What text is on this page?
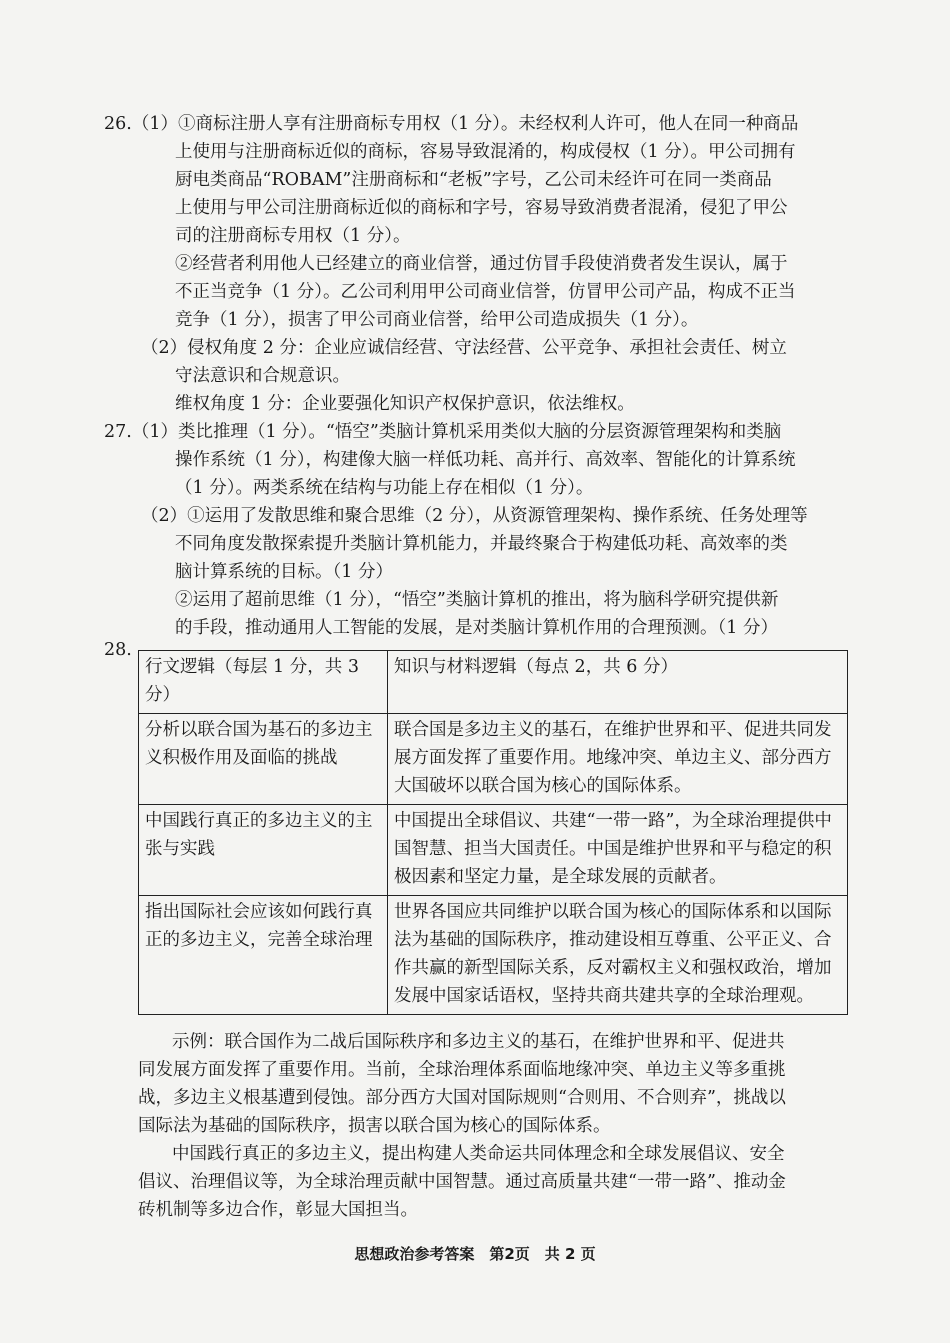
26.（1）①商标注册人享有注册商标专用权（1 分）。未经权利人许可，他人在同一种商品
上使用与注册商标近似的商标，容易导致混淆的，构成侵权（1 分）。甲公司拥有
厨电类商品“ROBAM”注册商标和“老板”字号，乙公司未经许可在同一类商品
上使用与甲公司注册商标近似的商标和字号，容易导致消费者混淆，侵犯了甲公
司的注册商标专用权（1 分）。
②经营者利用他人已经建立的商业信誉，通过仿冒手段使消费者发生误认，属于
不正当竞争（1 分）。乙公司利用甲公司商业信誉，仿冒甲公司产品，构成不正当
竞争（1 分），损害了甲公司商业信誉，给甲公司造成损失（1 分）。
（2）侵权角度 2 分：企业应诚信经营、守法经营、公平竞争、承担社会责任、树立
守法意识和合规意识。
维权角度 1 分：企业要强化知识产权保护意识，依法维权。
27.（1）类比推理（1 分）。“悟空”类脑计算机采用类似大脑的分层资源管理架构和类脑
操作系统（1 分），构建像大脑一样低功耗、高并行、高效率、智能化的计算系统
（1 分）。两类系统在结构与功能上存在相似（1 分）。
（2）①运用了发散思维和聚合思维（2 分），从资源管理架构、操作系统、任务处理等
不同角度发散探索提升类脑计算机能力，并最终聚合于构建低功耗、高效率的类
脑计算系统的目标。（1 分）
②运用了超前思维（1 分），“悟空”类脑计算机的推出，将为脑科学研究提供新
的手段，推动通用人工智能的发展，是对类脑计算机作用的合理预测。（1 分）
28.
行文逻辑（每层 1 分，共 3 分）	知识与材料逻辑（每点 2，共 6 分）
分析以联合国为基石的多边主义积极作用及面临的挑战	联合国是多边主义的基石，在维护世界和平、促进共同发展方面发挥了重要作用。地缘冲突、单边主义、部分西方大国破坏以联合国为核心的国际体系。
中国践行真正的多边主义的主张与实践	中国提出全球倡议、共建“一带一路”，为全球治理提供中国智慧、担当大国责任。中国是维护世界和平与稳定的积极因素和坚定力量，是全球发展的贡献者。
指出国际社会应该如何践行真正的多边主义，完善全球治理	世界各国应共同维护以联合国为核心的国际体系和以国际法为基础的国际秩序，推动建设相互尊重、公平正义、合作共赢的新型国际关系，反对霸权主义和强权政治，增加发展中国家话语权，坚持共商共建共享的全球治理观。
示例：联合国作为二战后国际秩序和多边主义的基石，在维护世界和平、促进共
同发展方面发挥了重要作用。当前，全球治理体系面临地缘冲突、单边主义等多重挑
战，多边主义根基遭到侵蚀。部分西方大国对国际规则“合则用、不合则弃”，挑战以
国际法为基础的国际秩序，损害以联合国为核心的国际体系。
中国践行真正的多边主义，提出构建人类命运共同体理念和全球发展倡议、安全
倡议、治理倡议等，为全球治理贡献中国智慧。通过高质量共建“一带一路”、推动金
砖机制等多边合作，彰显大国担当。
思想政治参考答案　第2页　共 2 页
